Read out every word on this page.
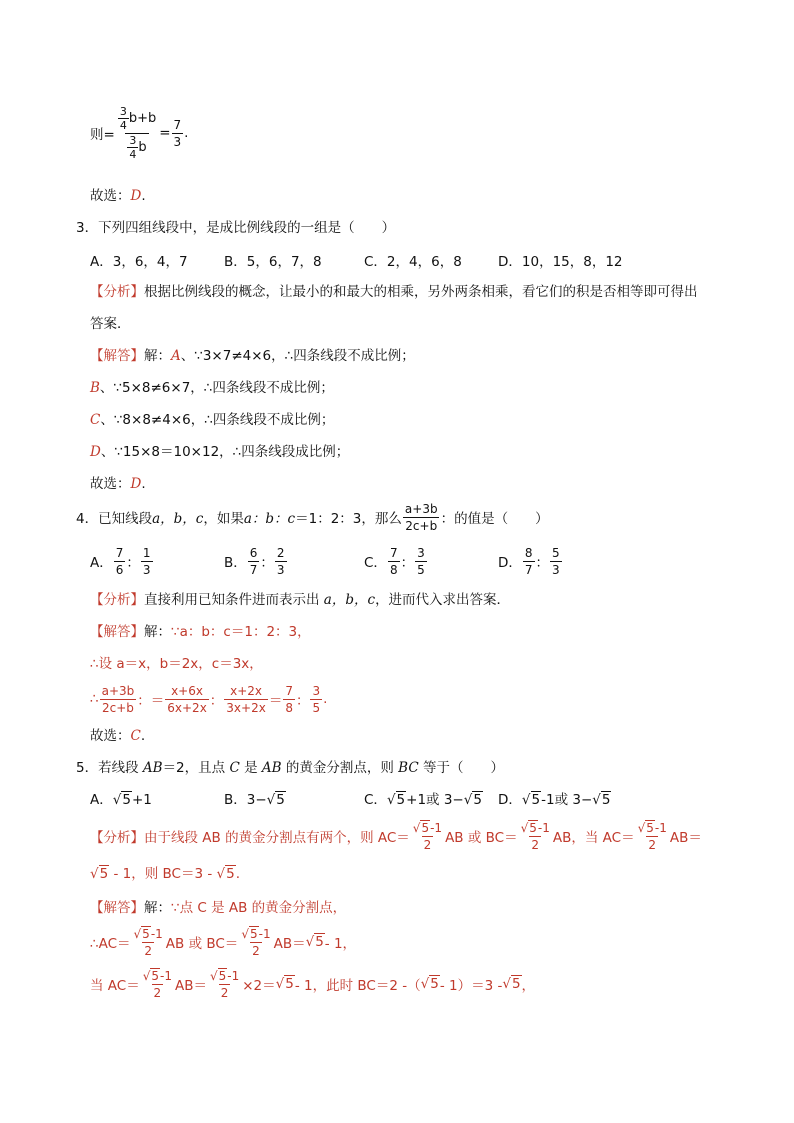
则= 3
4 b+b
3
4 $b = \frac{7}{3}$ .
故选：D.
3．下列四组线段中，是成比例线段的一组是（　　）
A．3，6，4，7	B．5，6，7，8	C．2，4，6，8	D．10，15，8，12
【分析】根据比例线段的概念，让最小的和最大的相乘，另外两条相乘，看它们的积是否相等即可得出
答案．
【解答】解：A、∵3×7≠4×6，∴四条线段不成比例；
B、∵5×8≠6×7，∴四条线段不成比例；
C、∵8×8≠4×6，∴四条线段不成比例；
D、∵15×8＝10×12，∴四条线段成比例；
故选：D.
4．已知线段 a，b，c ，如果 a：b：c ＝1：2：3，那么 $\frac{a+3b}{2c+b}$ ：的值是（　　）
A． $\frac{7}{6}$ ： $\frac{1}{3}$	B． $\frac{6}{7}$ ： $\frac{2}{3}$	C． $\frac{7}{8}$ ： $\frac{3}{5}$	D． $\frac{8}{7}$ ： $\frac{5}{3}$
【分析】直接利用已知条件进而表示出 a，b，c，进而代入求出答案．
【解答】解：∵a：b：c＝1：2：3，
∴设 a＝x，b＝2x，c＝3x，
∴ $\frac{a+3b}{2c+b}$ ：＝ $\frac{x+6x}{6x+2x}$ ： $\frac{x+2x}{3x+2x} = \frac{7}{8}$ ： $\frac{3}{5}$ .
故选：C.
5．若线段 AB＝2，且点 C 是 AB 的黄金分割点，则 BC 等于（　　）
A．√5+1	B．3−√5	C．√5+1或 3−√5 D．√5-1或 3−√5
【分析】 由于线段 AB 的黄金分割点有两个，则 $AC= \frac{√5-1}{2}$ AB 或 $BC= \frac{√5-1}{2}$ AB，当 $AC= \frac{√5-1}{2} AB=$
√5 - 1，则 BC＝3 - √5.
【解答】解：∵点 C 是 AB 的黄金分割点，
∴AC＝ $\frac{√5-1}{2}$ AB 或 $BC= \frac{√5-1}{2} AB= √5 - 1$，
当 $AC= \frac{√5-1}{2} AB= \frac{√5-1}{2} \times 2= √5 - 1$，此时 BC＝2 -（ √5 - 1）＝3 - √5 ，
